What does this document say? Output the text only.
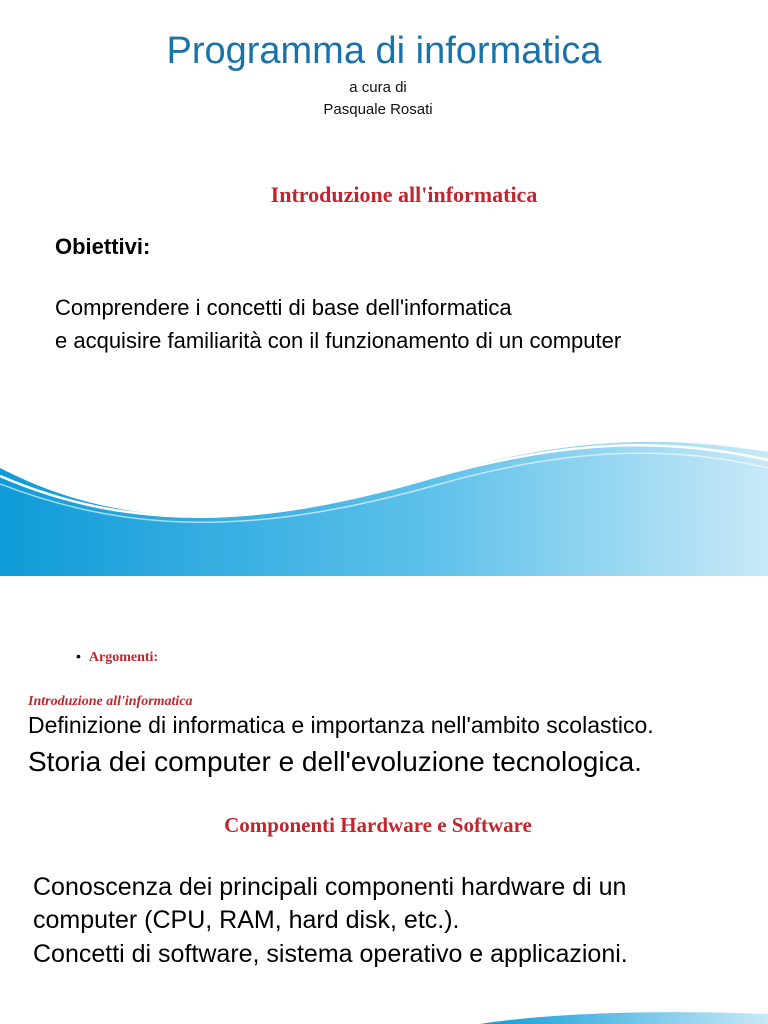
Programma di informatica
a cura di
Pasquale Rosati
Introduzione all'informatica
Obiettivi:
Comprendere i concetti di base dell'informatica
e acquisire familiarità con il funzionamento di un computer
• Argomenti:
Introduzione all'informatica
Definizione di informatica e importanza nell'ambito scolastico.
Storia dei computer e dell'evoluzione tecnologica.
Componenti Hardware e Software
Conoscenza dei principali componenti hardware di un
computer (CPU, RAM, hard disk, etc.).
Concetti di software, sistema operativo e applicazioni.
